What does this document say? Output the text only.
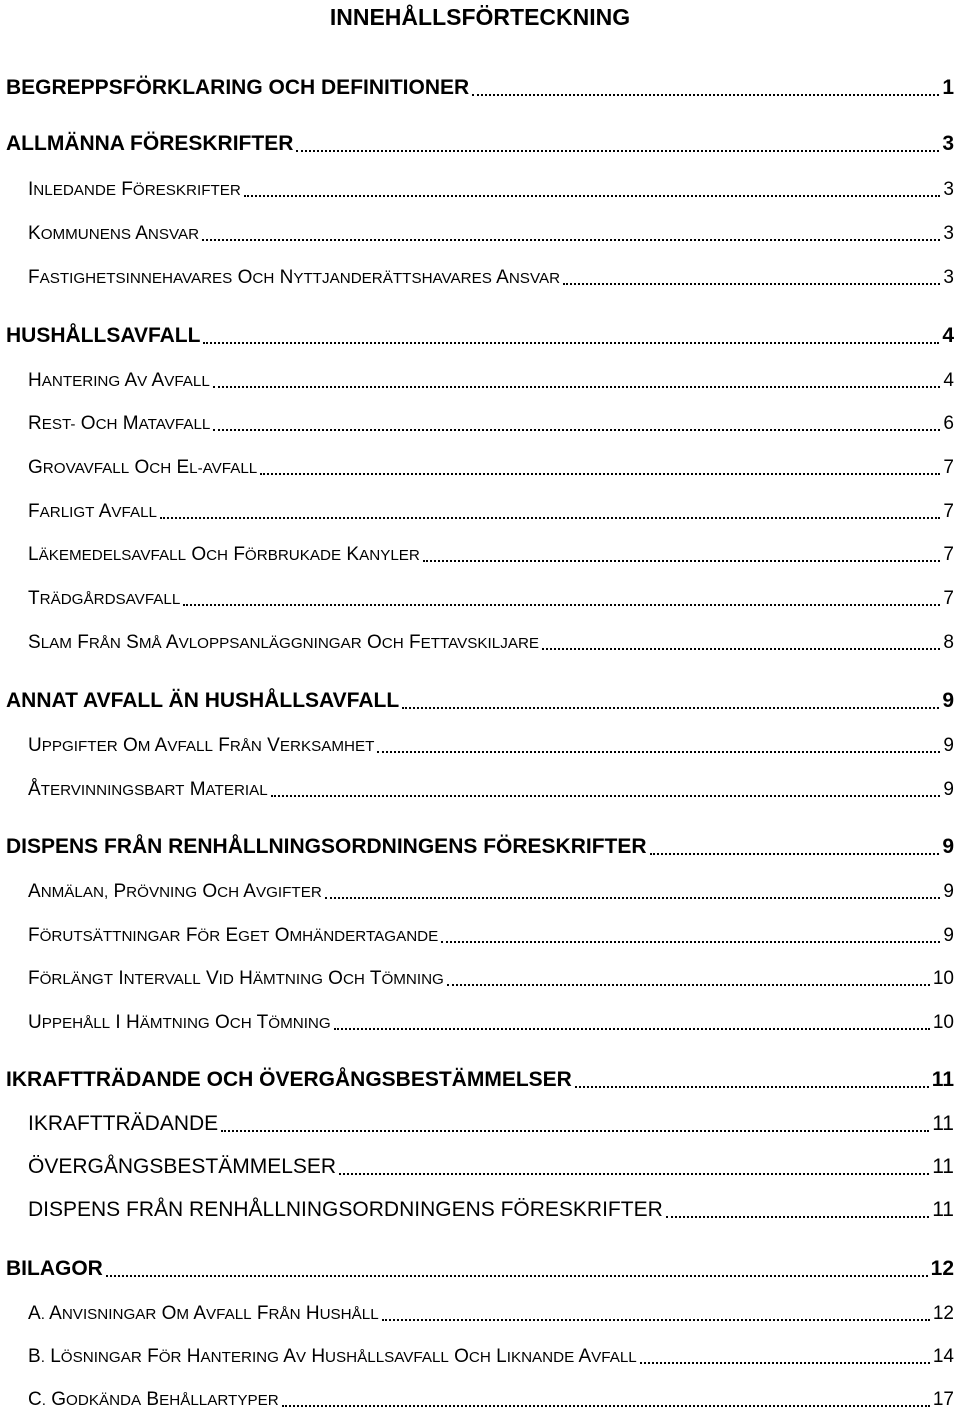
INNEHÅLLSFÖRTECKNING
BEGREPPSFÖRKLARING OCH DEFINITIONER	1
ALLMÄNNA FÖRESKRIFTER	3
INLEDANDE FÖRESKRIFTER	3
KOMMUNENS ANSVAR	3
FASTIGHETSINNEHAVARES OCH NYTTJANDERÄTTSHAVARES ANSVAR	3
HUSHÅLLSAVFALL	4
HANTERING AV AVFALL	4
REST- OCH MATAVFALL	6
GROVAVFALL OCH EL-AVFALL	7
FARLIGT AVFALL	7
LÄKEMEDELSAVFALL OCH FÖRBRUKADE KANYLER	7
TRÄDGÅRDSAVFALL	7
SLAM FRÅN SMÅ AVLOPPSANLÄGGNINGAR OCH FETTAVSKILJARE	8
ANNAT AVFALL ÄN HUSHÅLLSAVFALL	9
UPPGIFTER OM AVFALL FRÅN VERKSAMHET	9
ÅTERVINNINGSBART MATERIAL	9
DISPENS FRÅN RENHÅLLNINGSORDNINGENS FÖRESKRIFTER	9
ANMÄLAN, PRÖVNING OCH AVGIFTER	9
FÖRUTSÄTTNINGAR FÖR EGET OMHÄNDERTAGANDE	9
FÖRLÄNGT INTERVALL VID HÄMTNING OCH TÖMNING	10
UPPEHÅLL I HÄMTNING OCH TÖMNING	10
IKRAFTTRÄDANDE OCH ÖVERGÅNGSBESTÄMMELSER	11
IKRAFTTRÄDANDE	11
ÖVERGÅNGSBESTÄMMELSER	11
DISPENS FRÅN RENHÅLLNINGSORDNINGENS FÖRESKRIFTER	11
BILAGOR	12
A. ANVISNINGAR OM AVFALL FRÅN HUSHÅLL	12
B. LÖSNINGAR FÖR HANTERING AV HUSHÅLLSAVFALL OCH LIKNANDE AVFALL	14
C. GODKÄNDA BEHÅLLARTYPER	17
